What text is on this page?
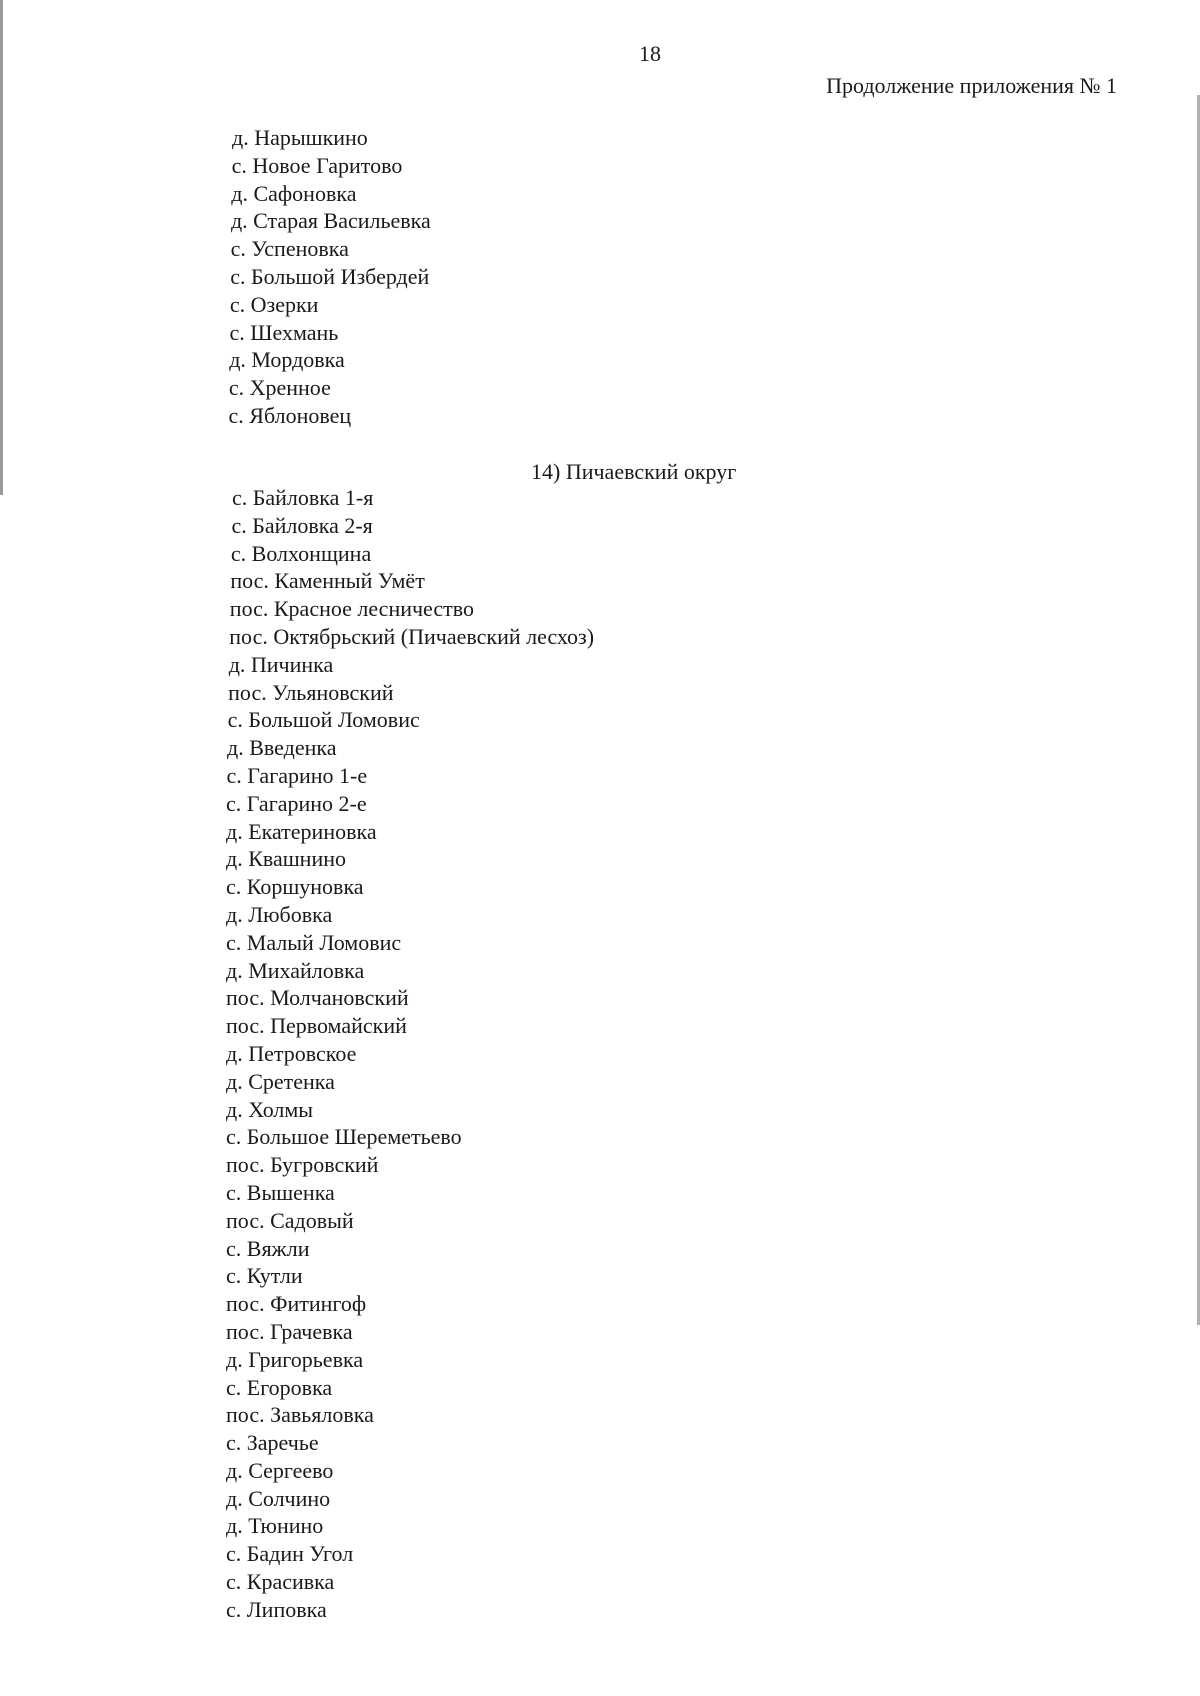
18
Продолжение приложения № 1
д. Нарышкино
с. Новое Гаритово
д. Сафоновка
д. Старая Васильевка
с. Успеновка
с. Большой Избердей
с. Озерки
с. Шехмань
д. Мордовка
с. Хренное
с. Яблоновец
14) Пичаевский округ
с. Байловка 1-я
с. Байловка 2-я
с. Волхонщина
пос. Каменный Умёт
пос. Красное лесничество
пос. Октябрьский (Пичаевский лесхоз)
д. Пичинка
пос. Ульяновский
с. Большой Ломовис
д. Введенка
с. Гагарино 1-е
с. Гагарино 2-е
д. Екатериновка
д. Квашнино
с. Коршуновка
д. Любовка
с. Малый Ломовис
д. Михайловка
пос. Молчановский
пос. Первомайский
д. Петровское
д. Сретенка
д. Холмы
с. Большое Шереметьево
пос. Бугровский
с. Вышенка
пос. Садовый
с. Вяжли
с. Кутли
пос. Фитингоф
пос. Грачевка
д. Григорьевка
с. Егоровка
пос. Завьяловка
с. Заречье
д. Сергеево
д. Солчино
д. Тюнино
с. Бадин Угол
с. Красивка
с. Липовка
